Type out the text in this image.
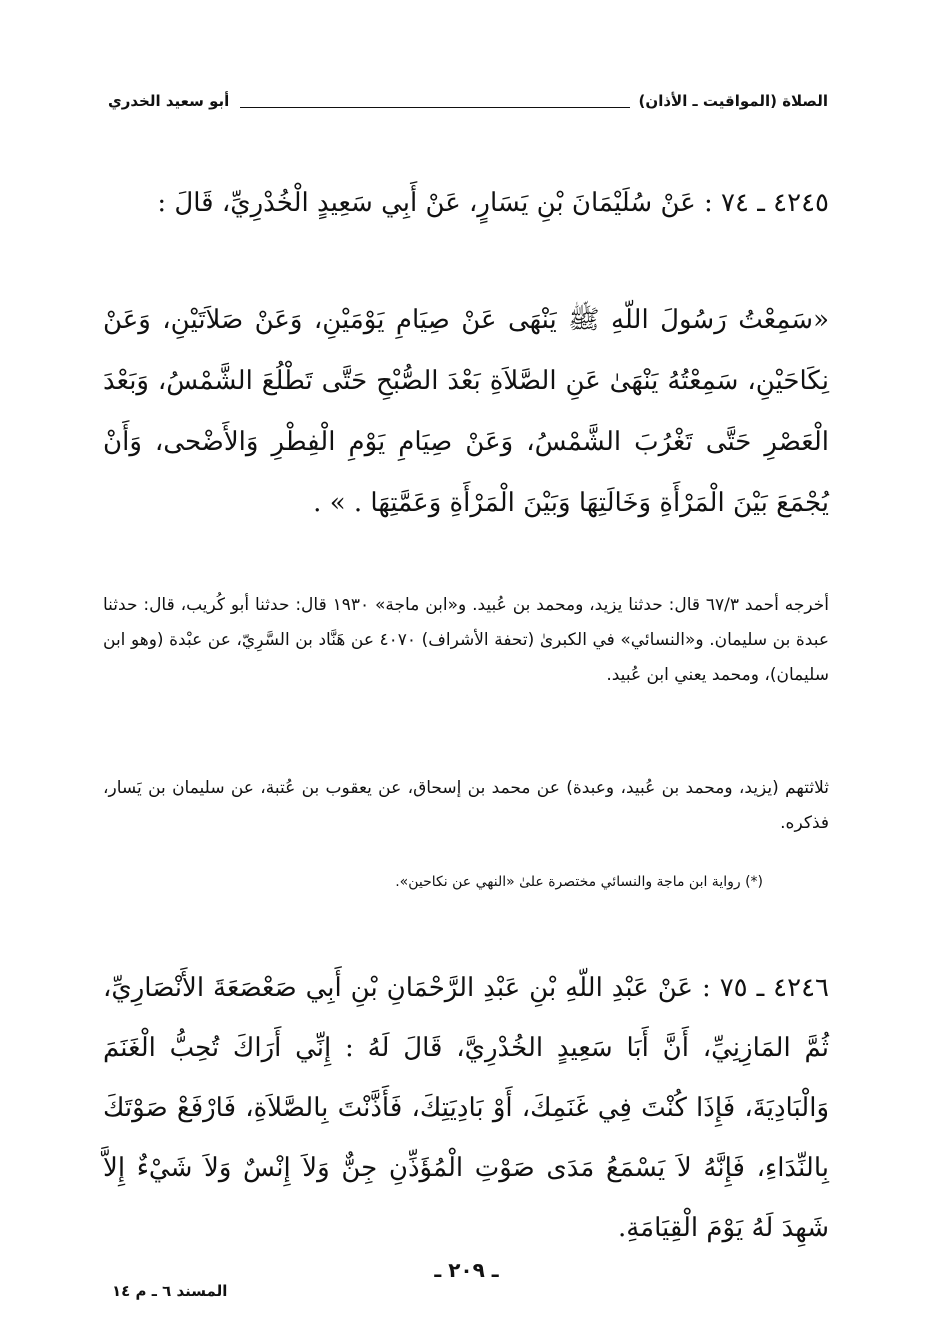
الصلاة (المواقيت ـ الأذان)
أبو سعيد الخدري

٤٢٤٥ ـ ٧٤ : عَنْ سُلَيْمَانَ بْنِ يَسَارٍ، عَنْ أَبِي سَعِيدٍ الْخُدْرِيِّ، قَالَ :

«سَمِعْتُ رَسُولَ اللّهِ ﷺ يَنْهَى عَنْ صِيَامِ يَوْمَيْنِ، وَعَنْ صَلاَتَيْنِ، وَعَنْ نِكَاحَيْنِ، سَمِعْتُهُ يَنْهَىٰ عَنِ الصَّلاَةِ بَعْدَ الصُّبْحِ حَتَّى تَطْلُعَ الشَّمْسُ، وَبَعْدَ الْعَصْرِ حَتَّى تَغْرُبَ الشَّمْسُ، وَعَنْ صِيَامِ يَوْمِ الْفِطْرِ وَالأَضْحى، وَأَنْ يُجْمَعَ بَيْنَ الْمَرْأَةِ وَخَالَتِهَا وَبَيْنَ الْمَرْأَةِ وَعَمَّتِهَا . » .

أخرجه أحمد ٦٧/٣ قال: حدثنا يزيد، ومحمد بن عُبيد. و«ابن ماجة» ١٩٣٠ قال: حدثنا أبو كُريب، قال: حدثنا عبدة بن سليمان. و«النسائي» في الكبرىٰ (تحفة الأشراف) ٤٠٧٠ عن هَنَّاد بن السَّرِيّ، عن عبْدة (وهو ابن سليمان)، ومحمد يعني ابن عُبيد.

ثلاثتهم (يزيد، ومحمد بن عُبيد، وعبدة) عن محمد بن إسحاق، عن يعقوب بن عُتبة، عن سليمان بن يَسار، فذكره.

(*) رواية ابن ماجة والنسائي مختصرة علىٰ «النهي عن نكاحين».

٤٢٤٦ ـ ٧٥ : عَنْ عَبْدِ اللّهِ بْنِ عَبْدِ الرَّحْمَانِ بْنِ أَبِي صَعْصَعَةَ الأَنْصَارِيِّ، ثُمَّ المَازِنِيِّ، أَنَّ أَبَا سَعِيدٍ الخُدْرِيَّ، قَالَ لَهُ : إِنِّي أَرَاكَ تُحِبُّ الْغَنَمَ وَالْبَادِيَةَ، فَإِذَا كُنْتَ فِي غَنَمِكَ، أَوْ بَادِيَتِكَ، فَأَذَّنْتَ بِالصَّلاَةِ، فَارْفَعْ صَوْتَكَ بِالنِّدَاءِ، فَإِنَّهُ لاَ يَسْمَعُ مَدَى صَوْتِ الْمُؤَذِّنِ جِنٌّ وَلاَ إِنْسٌ وَلاَ شَيْءٌ إِلاَّ شَهِدَ لَهُ يَوْمَ الْقِيَامَةِ.

ـ ٢٠٩ ـ
المسند ٦ ـ م ١٤
